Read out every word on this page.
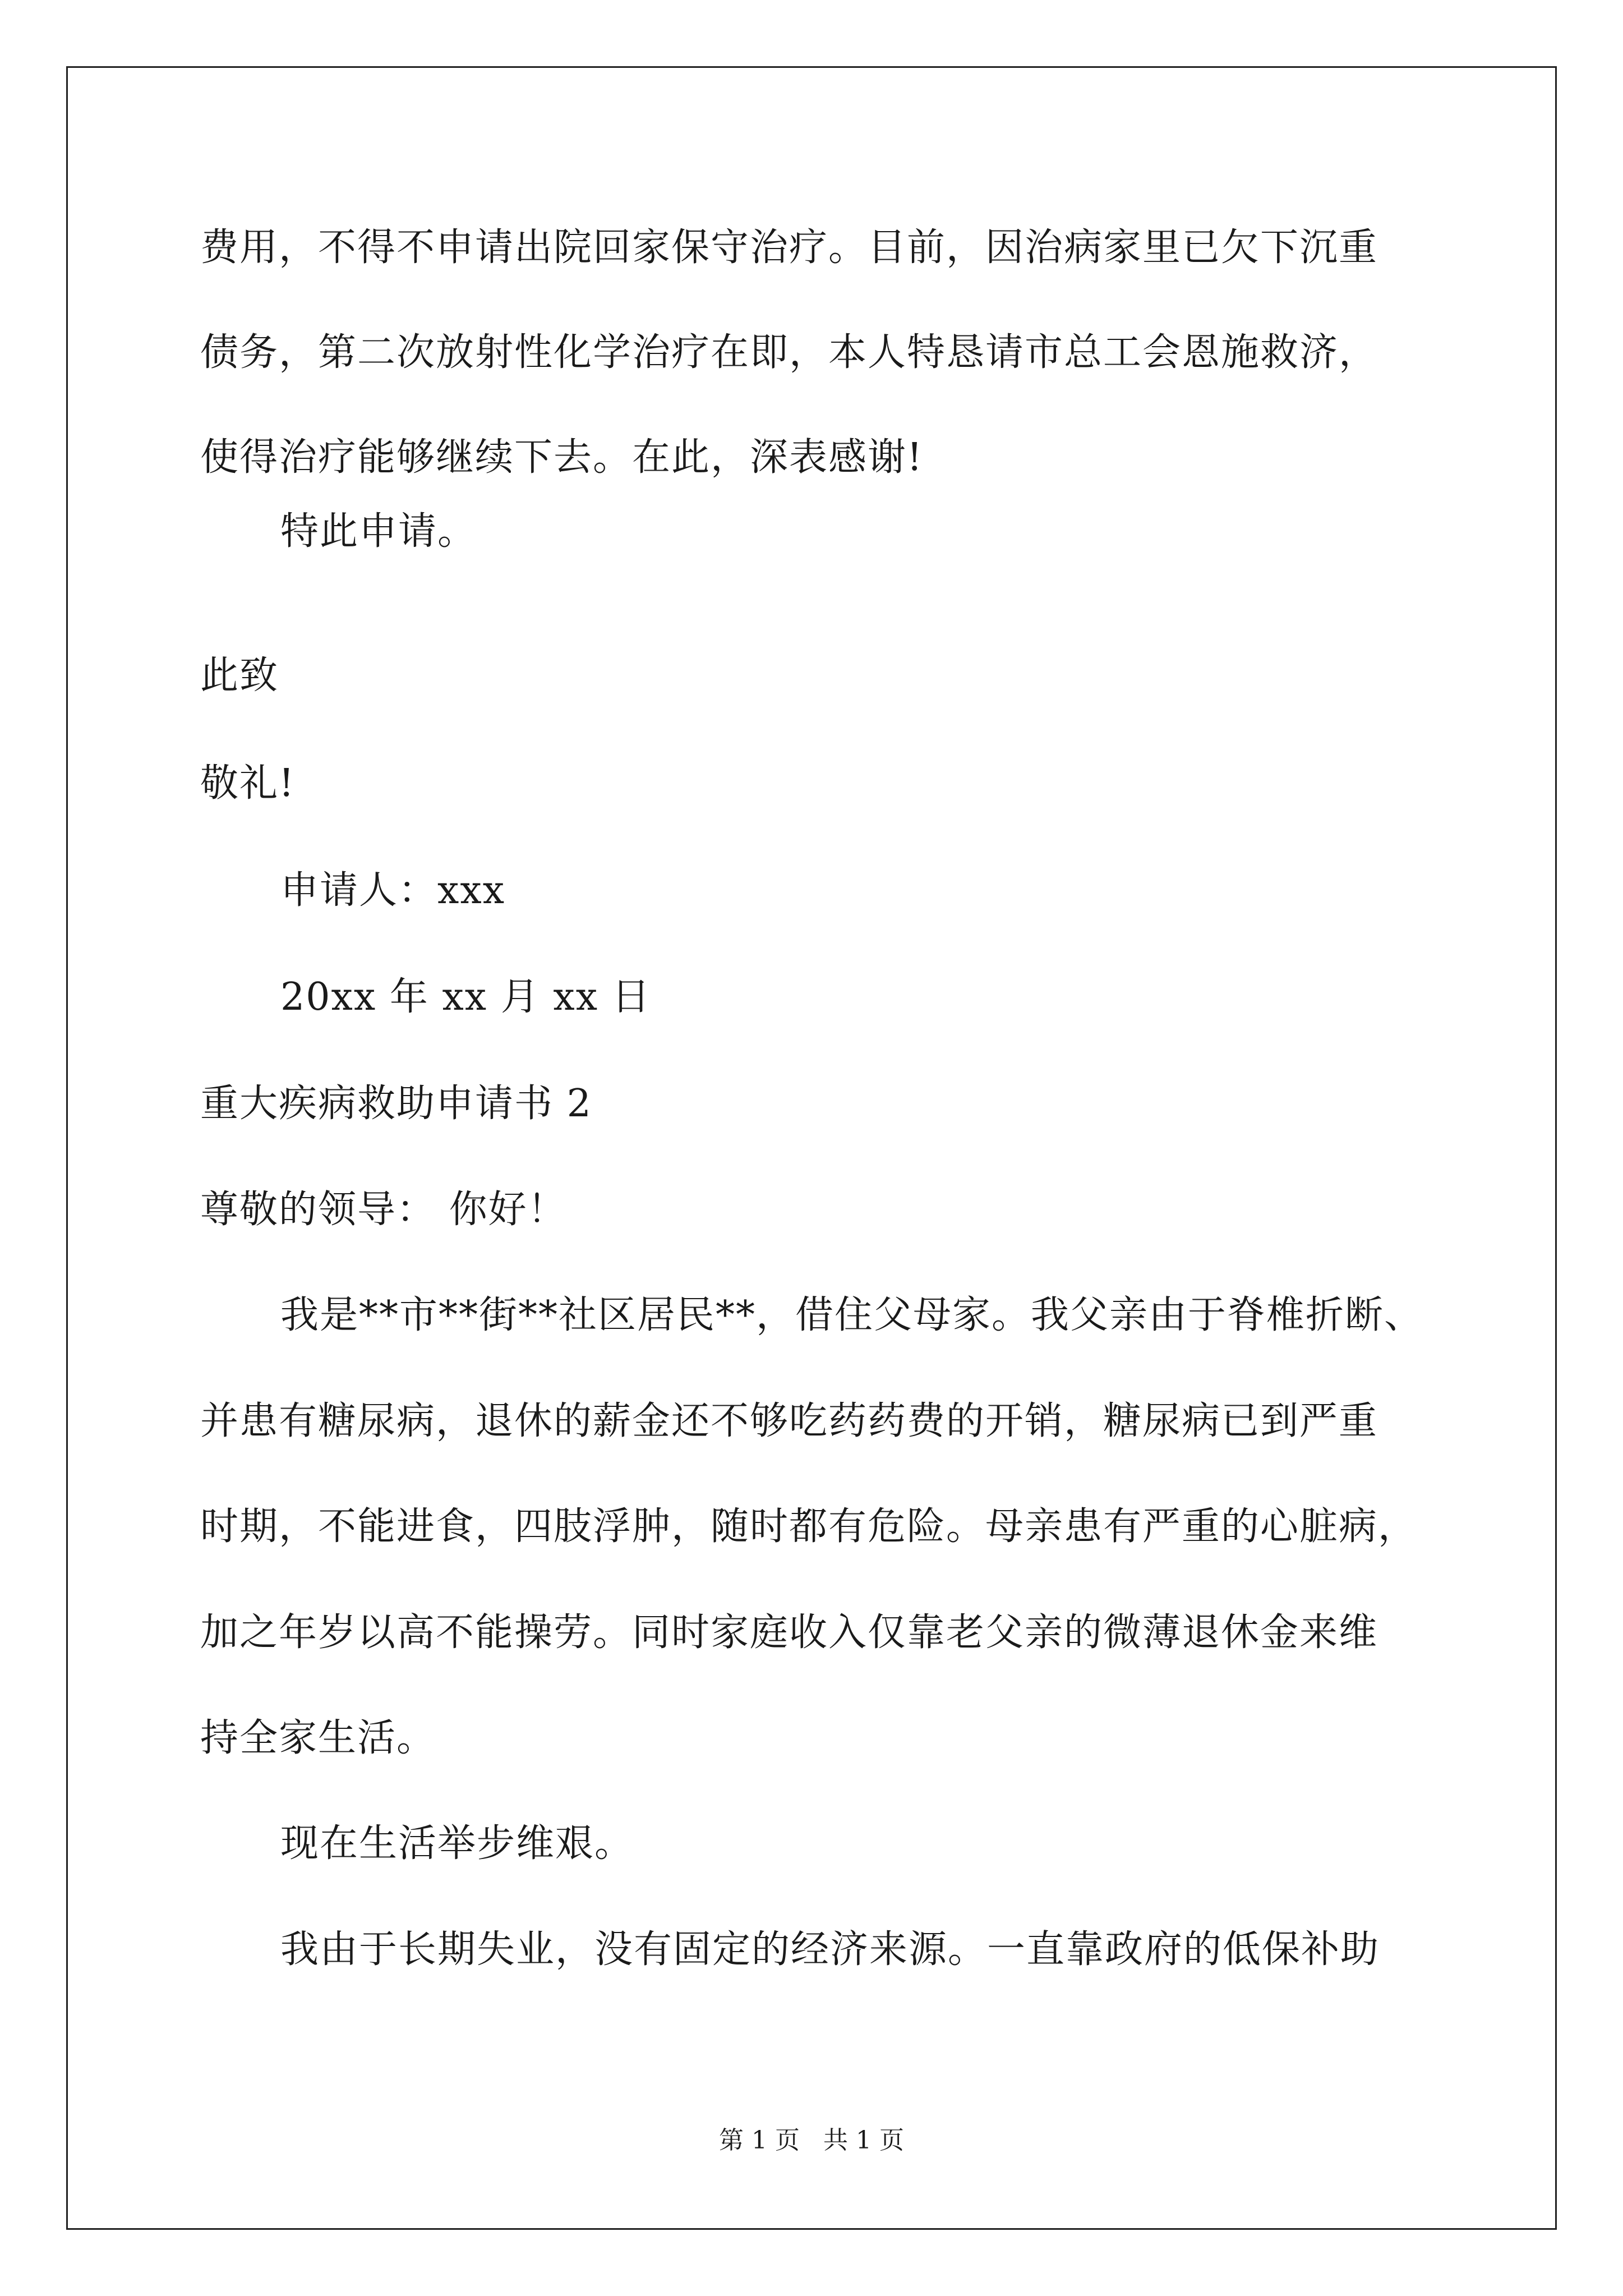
费用，不得不申请出院回家保守治疗。目前，因治病家里已欠下沉重
债务，第二次放射性化学治疗在即，本人特恳请市总工会恩施救济，
使得治疗能够继续下去。在此，深表感谢!
特此申请。
此致
敬礼!
申请人：xxx
20xx 年 xx 月 xx 日
重大疾病救助申请书 2
尊敬的领导： 你好！
我是**市**街**社区居民**，借住父母家。我父亲由于脊椎折断、
并患有糖尿病，退休的薪金还不够吃药药费的开销，糖尿病已到严重
时期，不能进食，四肢浮肿，随时都有危险。母亲患有严重的心脏病，
加之年岁以高不能操劳。同时家庭收入仅靠老父亲的微薄退休金来维
持全家生活。
现在生活举步维艰。
我由于长期失业，没有固定的经济来源。一直靠政府的低保补助
第 1 页   共 1 页
